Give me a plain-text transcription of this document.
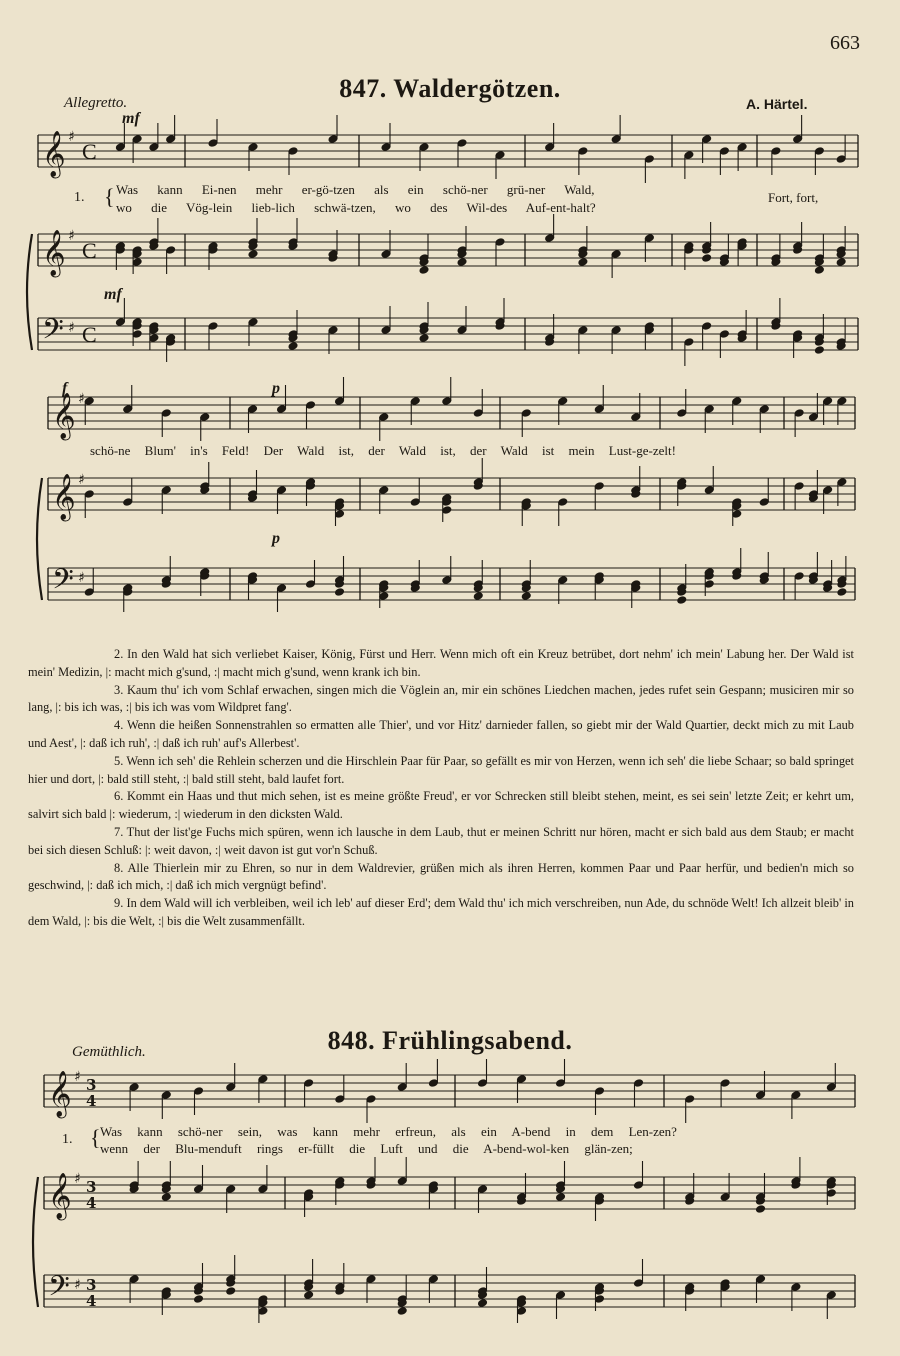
663
𝄞 ♯
C
𝄞 ♯
C
𝄢 ♯ C
𝄞 ♯
𝄞 ♯
𝄢 ♯
𝄞 ♯ 3
4
𝄞 ♯ 3
4
𝄢 ♯ 3
4
847. Waldergötzen.
Allegretto.	A. Härtel.
mf
mf
f	p
p
1. { Was kann Ei-nen mehr er-gö-tzen als ein schö-ner grü-ner Wald,
wo die Vög-lein lieb-lich schwä-tzen, wo des Wil-des Auf-ent-halt?
Fort, fort,
schö-ne Blum' in's Feld! Der Wald ist, der Wald ist, der Wald ist mein Lust-ge-zelt!

2. In den Wald hat sich verliebet Kaiser, König, Fürst und Herr. Wenn mich oft ein Kreuz betrübet, dort nehm' ich mein' Labung her. Der Wald ist mein' Medizin, |: macht mich g'sund, :| macht mich g'sund, wenn krank ich bin.

3. Kaum thu' ich vom Schlaf erwachen, singen mich die Vöglein an, mir ein schönes Liedchen machen, jedes rufet sein Gespann; musiciren mir so lang, |: bis ich was, :| bis ich was vom Wildpret fang'.

4. Wenn die heißen Sonnenstrahlen so ermatten alle Thier', und vor Hitz' darnieder fallen, so giebt mir der Wald Quartier, deckt mich zu mit Laub und Aest', |: daß ich ruh', :| daß ich ruh' auf's Allerbest'.

5. Wenn ich seh' die Rehlein scherzen und die Hirschlein Paar für Paar, so gefällt es mir von Herzen, wenn ich seh' die liebe Schaar; so bald springet hier und dort, |: bald still steht, :| bald still steht, bald laufet fort.

6. Kommt ein Haas und thut mich sehen, ist es meine größte Freud', er vor Schrecken still bleibt stehen, meint, es sei sein' letzte Zeit; er kehrt um, salvirt sich bald |: wiederum, :| wiederum in den dicksten Wald.

7. Thut der list'ge Fuchs mich spüren, wenn ich lausche in dem Laub, thut er meinen Schritt nur hören, macht er sich bald aus dem Staub; er macht bei sich diesen Schluß: |: weit davon, :| weit davon ist gut vor'n Schuß.

8. Alle Thierlein mir zu Ehren, so nur in dem Waldrevier, grüßen mich als ihren Herren, kommen Paar und Paar herfür, und bedien'n mich so geschwind, |: daß ich mich, :| daß ich mich vergnügt befind'.

9. In dem Wald will ich verbleiben, weil ich leb' auf dieser Erd'; dem Wald thu' ich mich verschreiben, nun Ade, du schnöde Welt! Ich allzeit bleib' in dem Wald, |: bis die Welt, :| bis die Welt zusammenfällt.

848. Frühlingsabend.
Gemüthlich.
1. { Was kann schö-ner sein, was kann mehr erfreun, als ein A-bend in dem Len-zen?
wenn der Blu-menduft rings er-füllt die Luft und die A-bend-wol-ken glän-zen;
